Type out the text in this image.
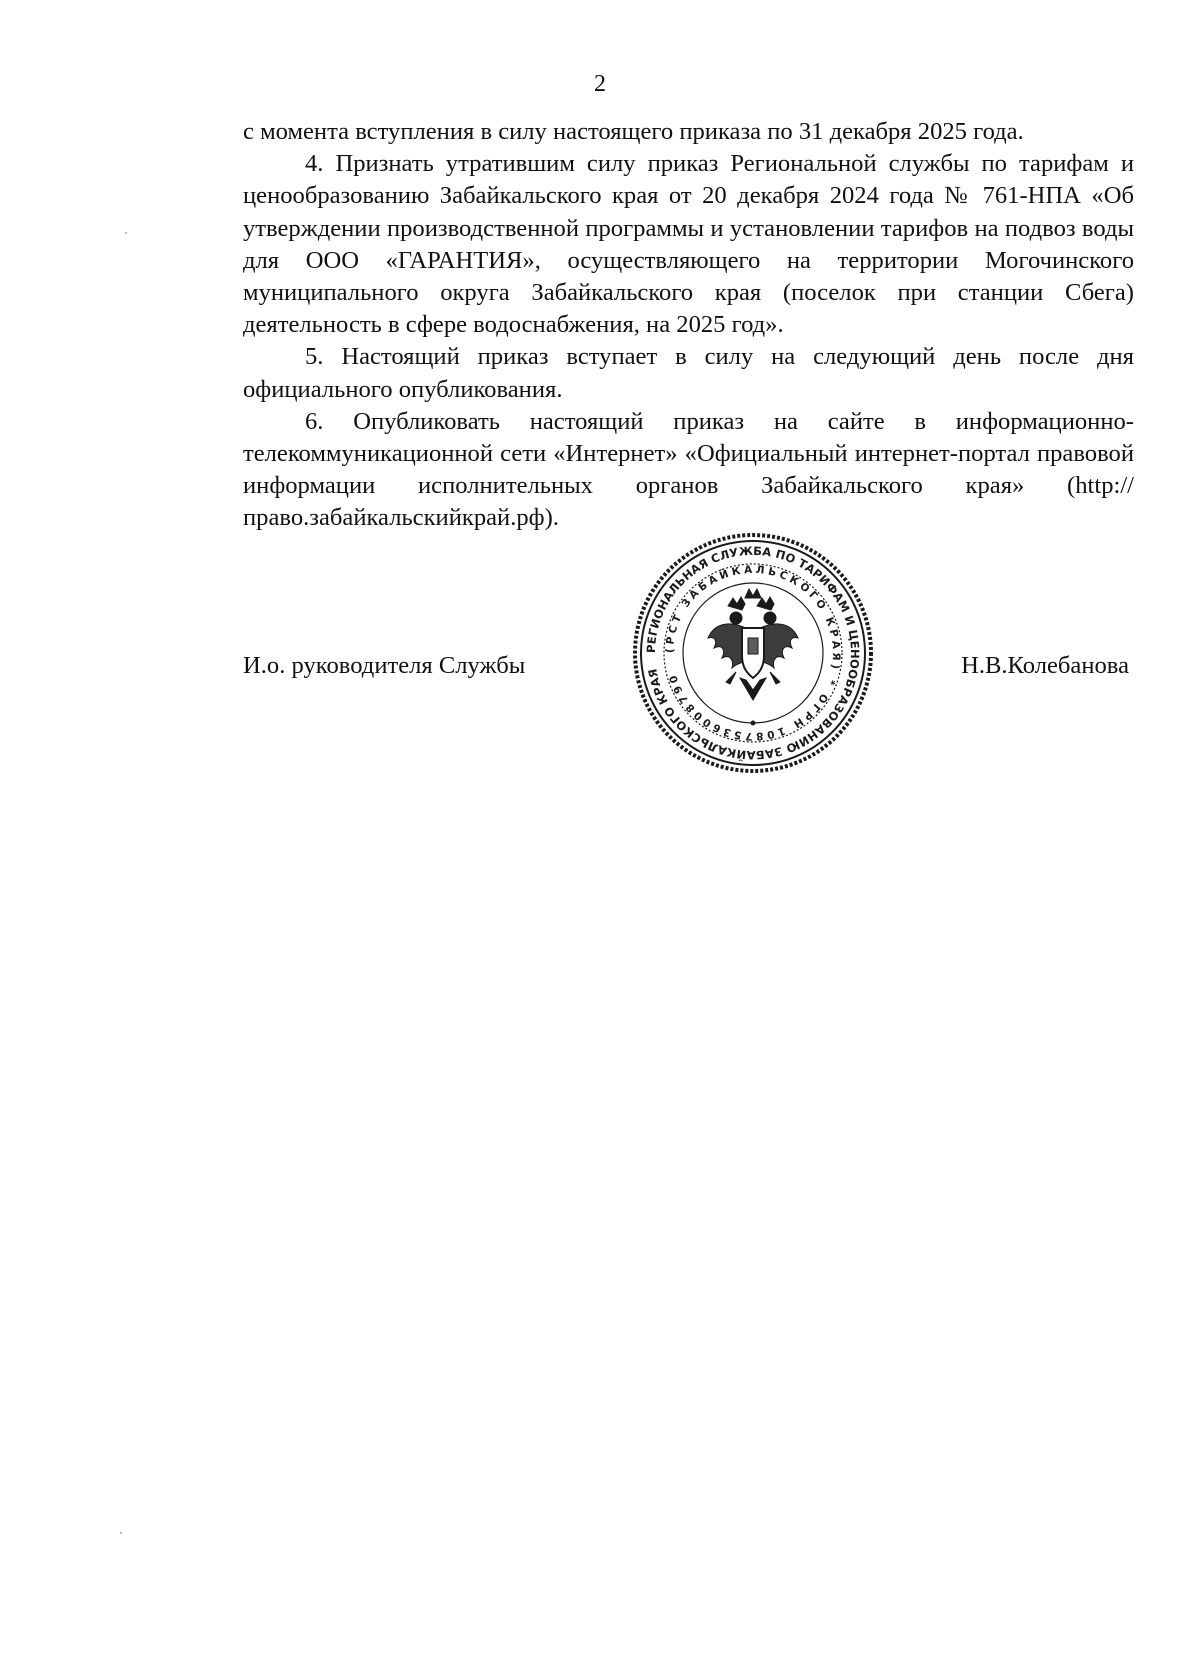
2

с момента вступления в силу настоящего приказа по 31 декабря 2025 года.

4. Признать утратившим силу приказ Региональной службы по тарифам и ценообразованию Забайкальского края от 20 декабря 2024 года № 761-НПА «Об утверждении производственной программы и установлении тарифов на подвоз воды для ООО «ГАРАНТИЯ», осуществляющего на территории Могочинского муниципального округа Забайкальского края (поселок при станции Сбега) деятельность в сфере водоснабжения, на 2025 год».

5. Настоящий приказ вступает в силу на следующий день после дня официального опубликования.

6. Опубликовать настоящий приказ на сайте в информационно-телекоммуникационной сети «Интернет» «Официальный интернет-портал правовой информации исполнительных органов Забайкальского края» (http://право.забайкальскийкрай.рф).

И.о. руководителя Службы	Н.В.Колебанова
РЕГИОНАЛЬНАЯ СЛУЖБА ПО ТАРИФАМ И ЦЕНООБРАЗОВАНИЮ ЗАБАЙКАЛЬСКОГО КРАЯ
(РСТ ЗАБАЙКАЛЬСКОГО КРАЯ) * ОГРН 1087536008790
